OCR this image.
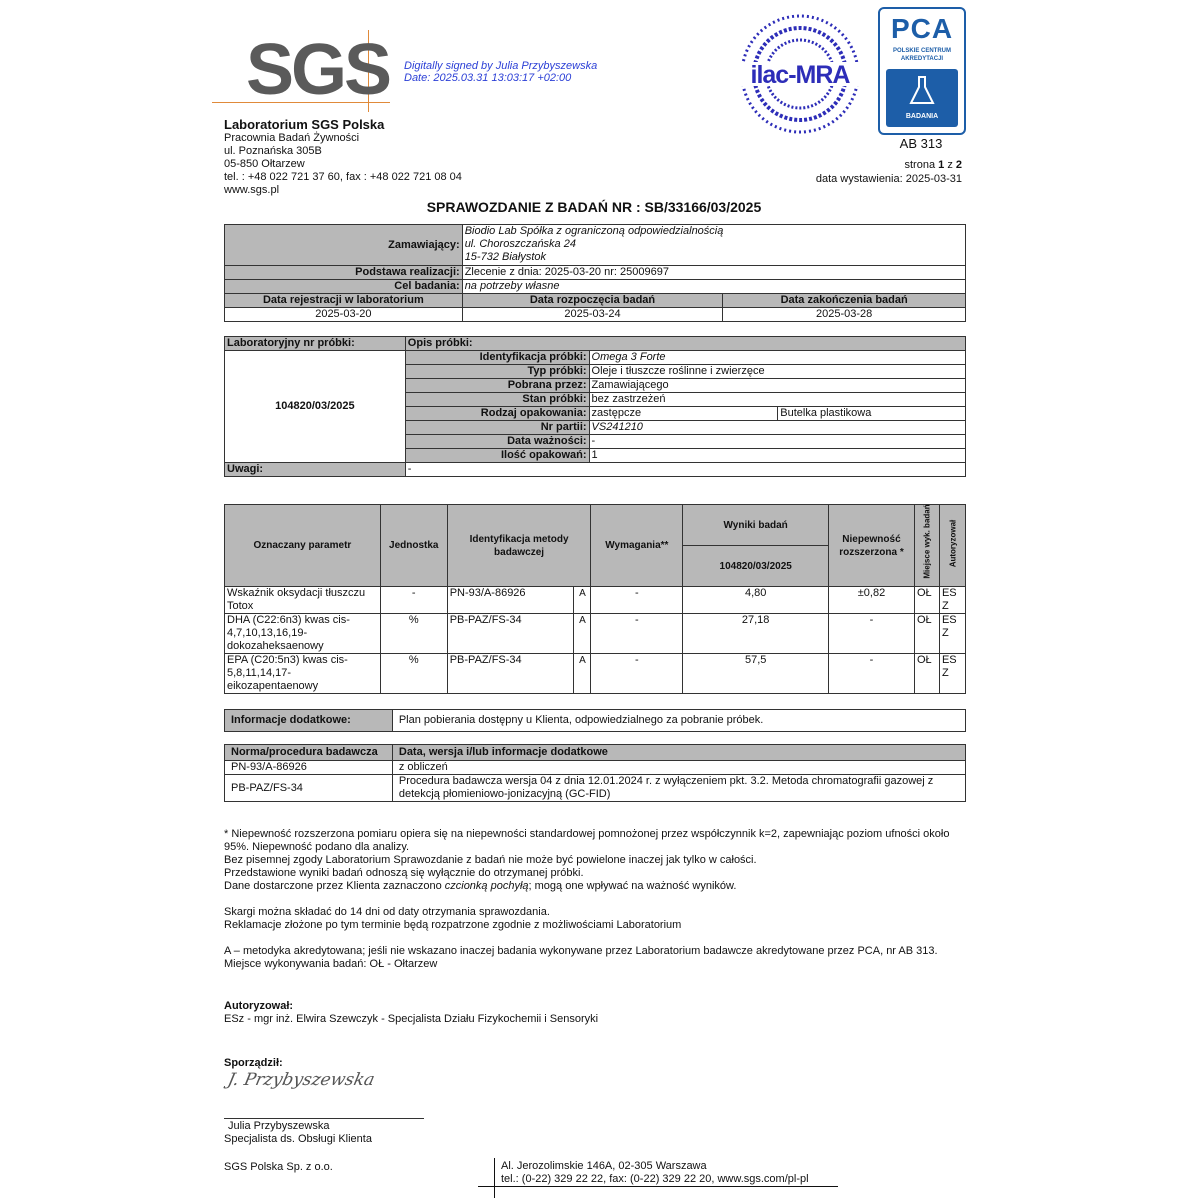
SGS Digitally signed by Julia Przybyszewska
Date: 2025.03.31 13:03:17 +02:00	ilac-MRA
PCA
POLSKIE CENTRUM
AKREDYTACJI
BADANIA
AB 313
Laboratorium SGS Polska
Pracownia Badań Żywności
ul. Poznańska 305B
05-850 Ołtarzew
tel. : +48 022 721 37 60, fax : +48 022 721 08 04
www.sgs.pl
strona 1 z 2
data wystawienia: 2025-03-31
SPRAWOZDANIE Z BADAŃ NR : SB/33166/03/2025
Zamawiający:	Biodio Lab Spółka z ograniczoną odpowiedzialnością
ul. Choroszczańska 24
15-732 Białystok	

Podstawa realizacji:	Zlecenie z dnia: 2025-03-20 nr: 25009697	
Cel badania:	na potrzeby własne	
Data rejestracji w laboratorium	Data rozpoczęcia badań	Data zakończenia badań
2025-03-20	2025-03-24	2025-03-28
Laboratoryjny nr próbki:	Opis próbki:		
104820/03/2025	Identyfikacja próbki:	Omega 3 Forte	
	Typ próbki:	Oleje i tłuszcze roślinne i zwierzęce	
	Pobrana przez:	Zamawiającego	
	Stan próbki:	bez zastrzeżeń	
	Rodzaj opakowania:	zastępcze	Butelka plastikowa
	Nr partii:	VS241210	
	Data ważności:	-	
	Ilość opakowań:	1	
Uwagi:	-		
Oznaczany parametr	Jednostka	Identyfikacja metody badawczej		Wymagania**	Wyniki badań	Niepewność rozszerzona *	Miejsce wyk. badań	Autoryzował

					104820/03/2025			
Wskaźnik oksydacji tłuszczu Totox	-	PN-93/A-86926	A	-	4,80	±0,82	OŁ	ESZ
DHA (C22:6n3) kwas cis-4,7,10,13,16,19-dokozaheksaenowy	%	PB-PAZ/FS-34	A	-	27,18	-	OŁ	ESZ
EPA (C20:5n3) kwas cis-5,8,11,14,17-eikozapentaenowy	%	PB-PAZ/FS-34	A	-	57,5	-	OŁ	ESZ
Informacje dodatkowe:	Plan pobierania dostępny u Klienta, odpowiedzialnego za pobranie próbek.
Norma/procedura badawcza	Data, wersja i/lub informacje dodatkowe
PN-93/A-86926	z obliczeń
PB-PAZ/FS-34	Procedura badawcza wersja 04 z dnia 12.01.2024 r. z wyłączeniem pkt. 3.2. Metoda chromatografii gazowej z detekcją płomieniowo-jonizacyjną (GC-FID)

* Niepewność rozszerzona pomiaru opiera się na niepewności standardowej pomnożonej przez współczynnik k=2, zapewniając poziom ufności około 95%. Niepewność podano dla analizy.

Bez pisemnej zgody Laboratorium Sprawozdanie z badań nie może być powielone inaczej jak tylko w całości.

Przedstawione wyniki badań odnoszą się wyłącznie do otrzymanej próbki.

Dane dostarczone przez Klienta zaznaczono czcionką pochyłą; mogą one wpływać na ważność wyników.

Skargi można składać do 14 dni od daty otrzymania sprawozdania.

Reklamacje złożone po tym terminie będą rozpatrzone zgodnie z możliwościami Laboratorium

A – metodyka akredytowana; jeśli nie wskazano inaczej badania wykonywane przez Laboratorium badawcze akredytowane przez PCA, nr AB 313.

Miejsce wykonywania badań: OŁ - Ołtarzew

Autoryzował:
ESz - mgr inż. Elwira Szewczyk - Specjalista Działu Fizykochemii i Sensoryki
Sporządził:
J. Przybyszewska
Julia Przybyszewska
Specjalista ds. Obsługi Klienta
SGS Polska Sp. z o.o.	Al. Jerozolimskie 146A, 02-305 Warszawa
tel.: (0-22) 329 22 22, fax: (0-22) 329 22 20, www.sgs.com/pl-pl
